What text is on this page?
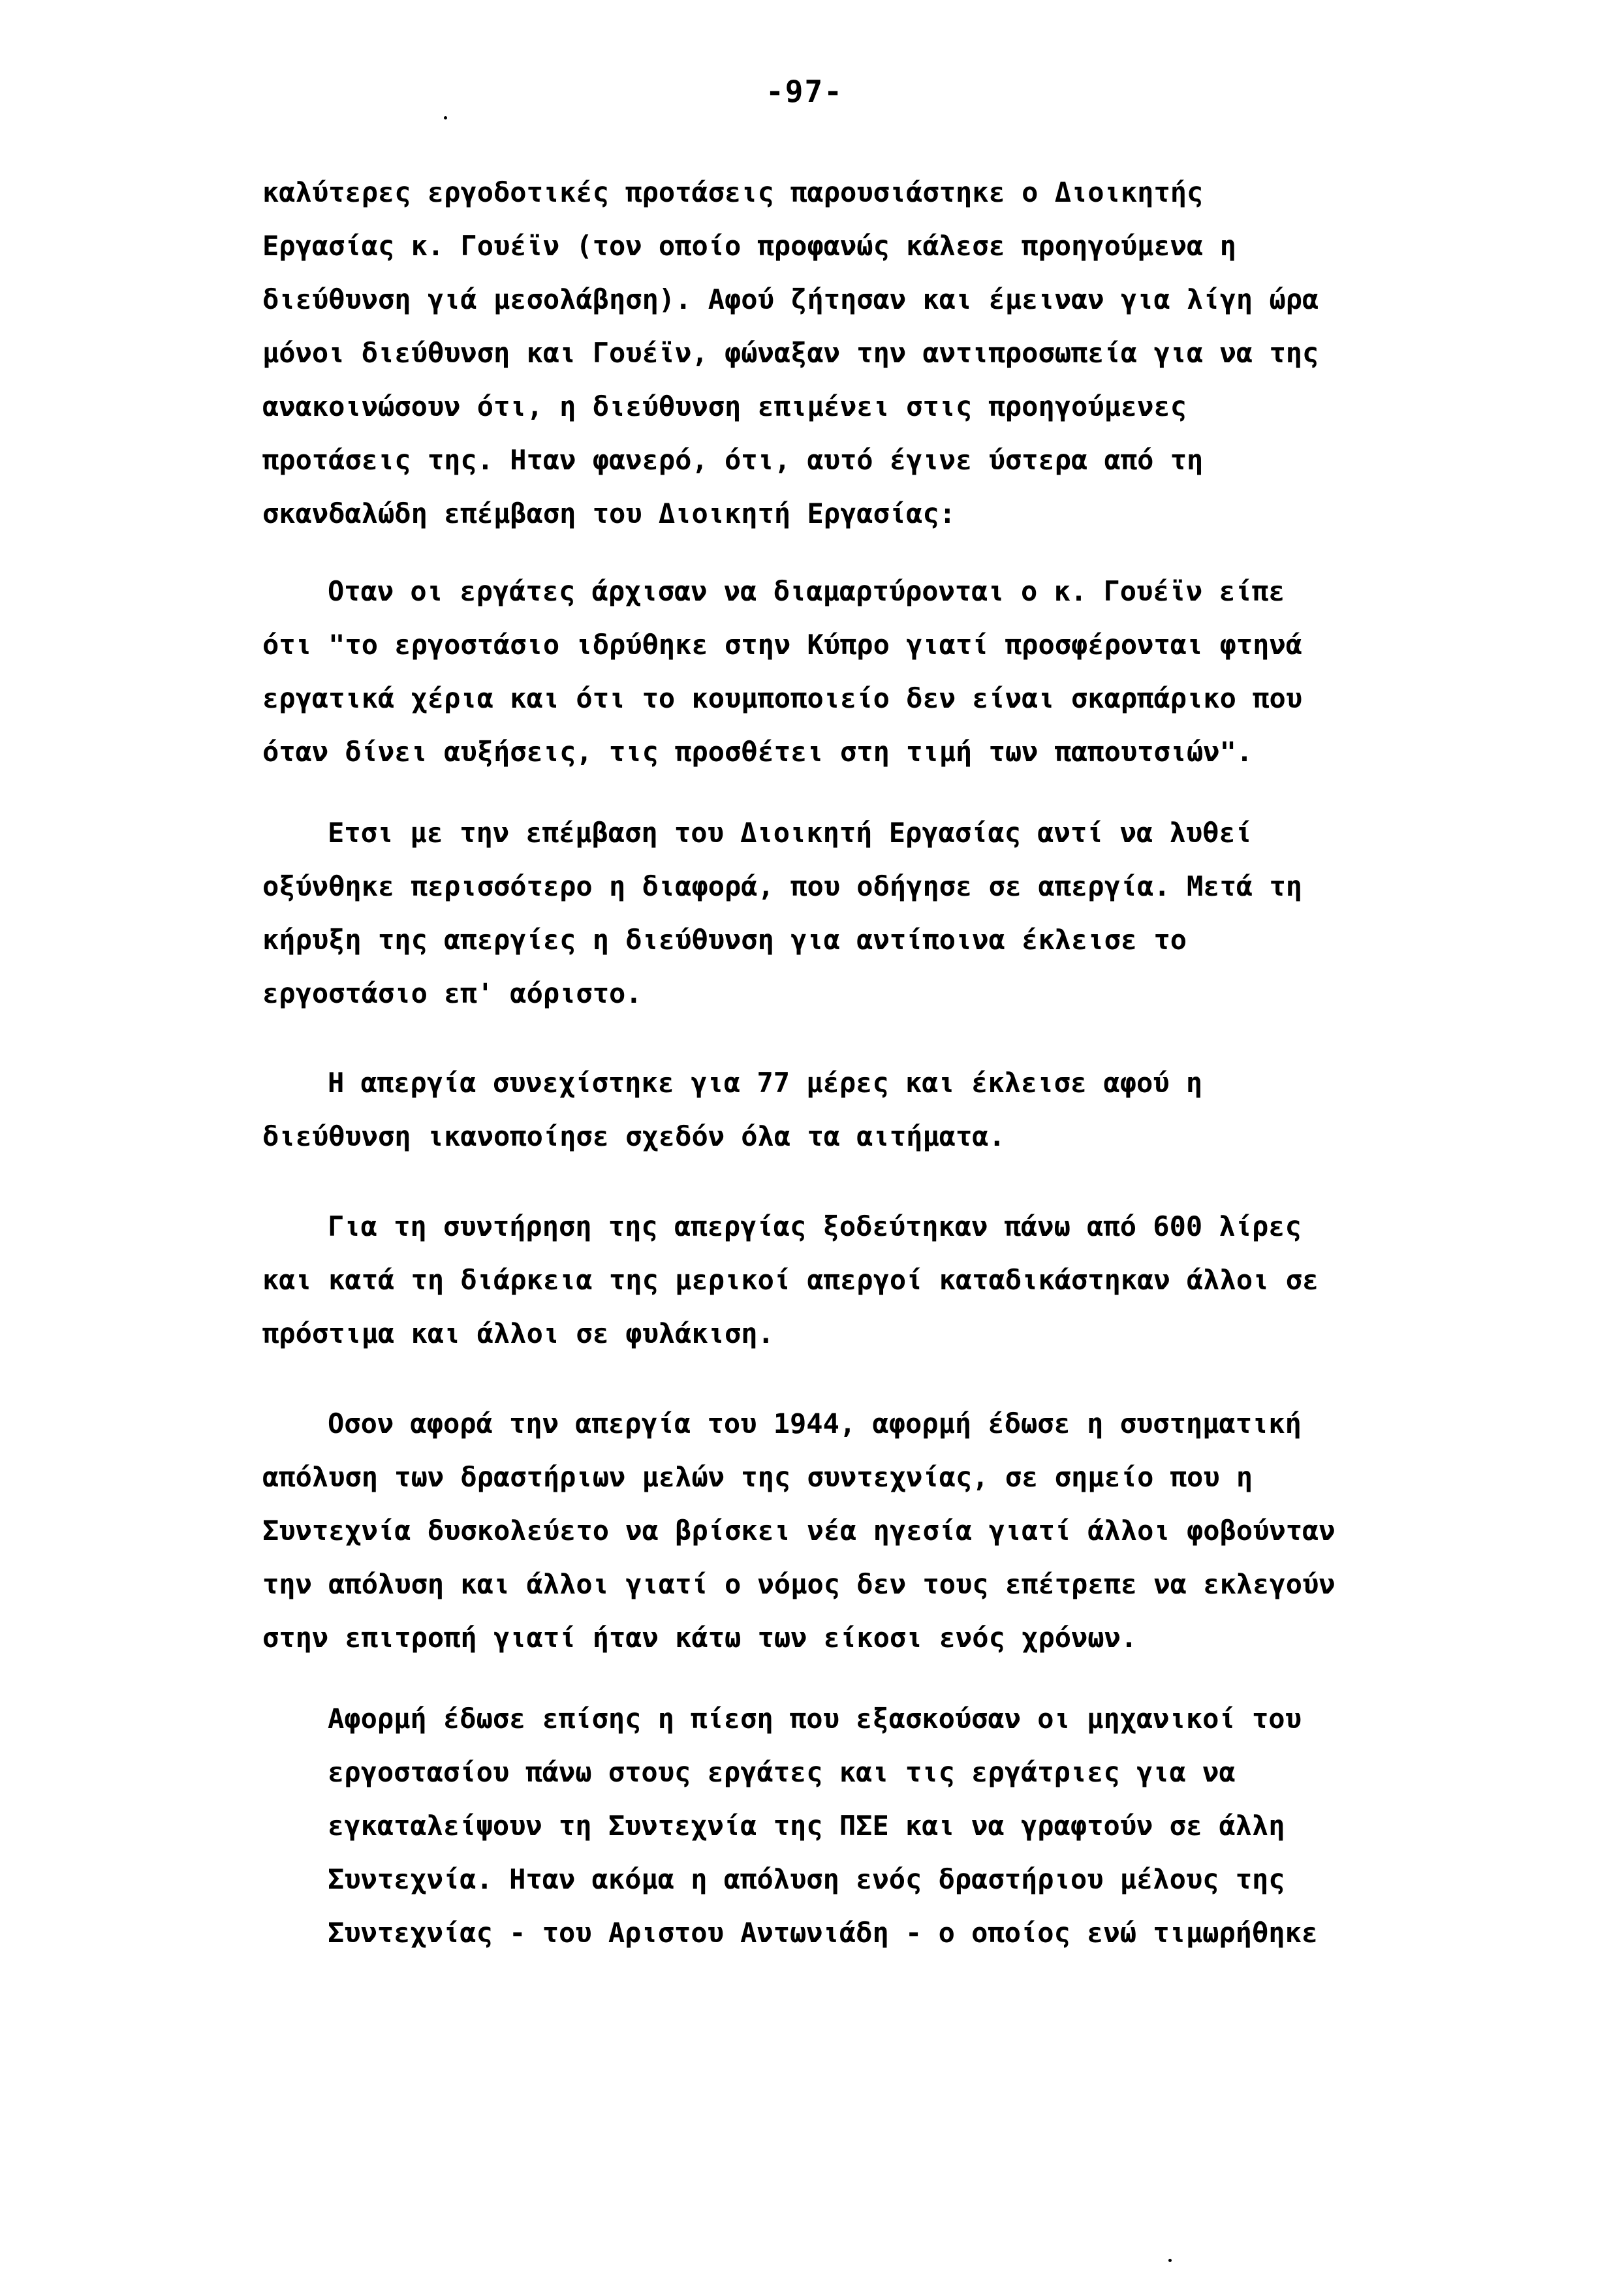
-97-
καλύτερες εργοδοτικές προτάσεις παρουσιάστηκε ο Διοικητής
Εργασίας κ. Γουέϊν (τον οποίο προφανώς κάλεσε προηγούμενα η
διεύθυνση γιά μεσολάβηση). Αφού ζήτησαν και έμειναν για λίγη ώρα
μόνοι διεύθυνση και Γουέϊν, φώναξαν την αντιπροσωπεία για να της
ανακοινώσουν ότι, η διεύθυνση επιμένει στις προηγούμενες
προτάσεις της. Ηταν φανερό, ότι, αυτό έγινε ύστερα από τη
σκανδαλώδη επέμβαση του Διοικητή Εργασίας:
Οταν οι εργάτες άρχισαν να διαμαρτύρονται ο κ. Γουέϊν είπε
ότι "το εργοστάσιο ιδρύθηκε στην Κύπρο γιατί προσφέρονται φτηνά
εργατικά χέρια και ότι το κουμποποιείο δεν είναι σκαρπάρικο που
όταν δίνει αυξήσεις, τις προσθέτει στη τιμή των παπουτσιών".
Ετσι με την επέμβαση του Διοικητή Εργασίας αντί να λυθεί
οξύνθηκε περισσότερο η διαφορά, που οδήγησε σε απεργία. Μετά τη
κήρυξη της απεργίες η διεύθυνση για αντίποινα έκλεισε το
εργοστάσιο επ' αόριστο.
Η απεργία συνεχίστηκε για 77 μέρες και έκλεισε αφού η
διεύθυνση ικανοποίησε σχεδόν όλα τα αιτήματα.
Για τη συντήρηση της απεργίας ξοδεύτηκαν πάνω από 600 λίρες
και κατά τη διάρκεια της μερικοί απεργοί καταδικάστηκαν άλλοι σε
πρόστιμα και άλλοι σε φυλάκιση.
Οσον αφορά την απεργία του 1944, αφορμή έδωσε η συστηματική
απόλυση των δραστήριων μελών της συντεχνίας, σε σημείο που η
Συντεχνία δυσκολεύετο να βρίσκει νέα ηγεσία γιατί άλλοι φοβούνταν
την απόλυση και άλλοι γιατί ο νόμος δεν τους επέτρεπε να εκλεγούν
στην επιτροπή γιατί ήταν κάτω των είκοσι ενός χρόνων.
Αφορμή έδωσε επίσης η πίεση που εξασκούσαν οι μηχανικοί του
εργοστασίου πάνω στους εργάτες και τις εργάτριες για να
εγκαταλείψουν τη Συντεχνία της ΠΣΕ και να γραφτούν σε άλλη
Συντεχνία. Ηταν ακόμα η απόλυση ενός δραστήριου μέλους της
Συντεχνίας - του Αριστου Αντωνιάδη - ο οποίος ενώ τιμωρήθηκε
